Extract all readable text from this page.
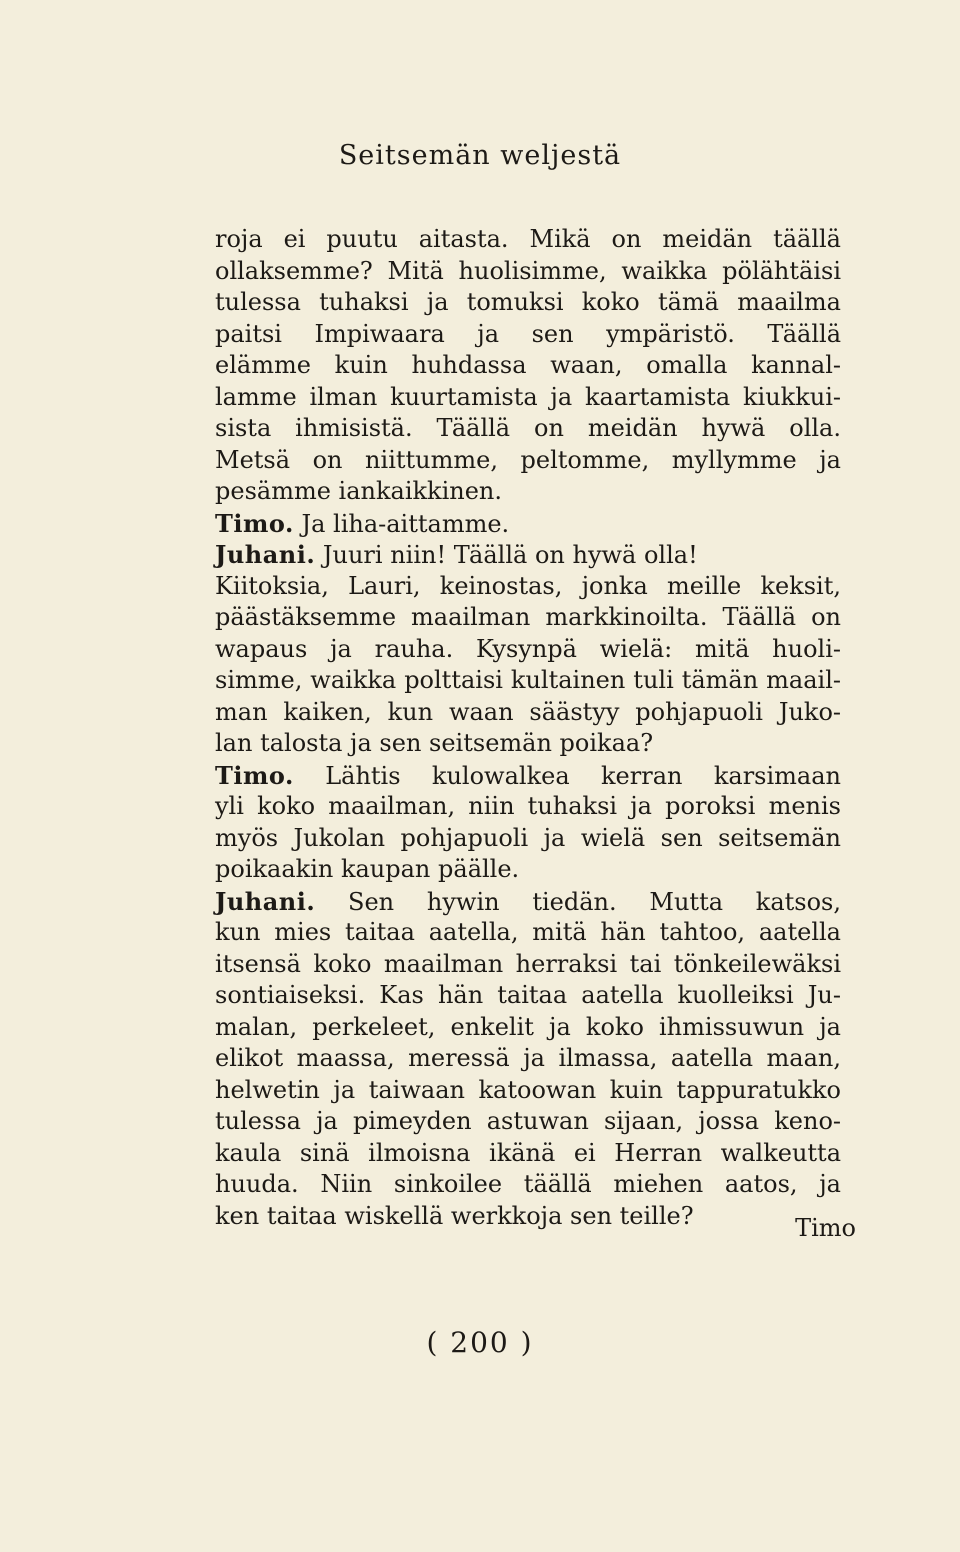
Seitsemän weljestä
roja ei puutu aitasta. Mikä on meidän täällä
ollaksemme? Mitä huolisimme, waikka pölähtäisi
tulessa tuhaksi ja tomuksi koko tämä maailma
paitsi Impiwaara ja sen ympäristö. Täällä
elämme kuin huhdassa waan, omalla kannal-
lamme ilman kuurtamista ja kaartamista kiukkui-
sista ihmisistä. Täällä on meidän hywä olla.
Metsä on niittumme, peltomme, myllymme ja
pesämme iankaikkinen.
Timo. Ja liha-aittamme.
Juhani. Juuri niin! Täällä on hywä olla!
Kiitoksia, Lauri, keinostas, jonka meille keksit,
päästäksemme maailman markkinoilta. Täällä on
wapaus ja rauha. Kysynpä wielä: mitä huoli-
simme, waikka polttaisi kultainen tuli tämän maail-
man kaiken, kun waan säästyy pohjapuoli Juko-
lan talosta ja sen seitsemän poikaa?
Timo. Lähtis kulowalkea kerran karsimaan
yli koko maailman, niin tuhaksi ja poroksi menis
myös Jukolan pohjapuoli ja wielä sen seitsemän
poikaakin kaupan päälle.
Juhani. Sen hywin tiedän. Mutta katsos,
kun mies taitaa aatella, mitä hän tahtoo, aatella
itsensä koko maailman herraksi tai tönkeilewäksi
sontiaiseksi. Kas hän taitaa aatella kuolleiksi Ju-
malan, perkeleet, enkelit ja koko ihmissuwun ja
elikot maassa, meressä ja ilmassa, aatella maan,
helwetin ja taiwaan katoowan kuin tappuratukko
tulessa ja pimeyden astuwan sijaan, jossa keno-
kaula sinä ilmoisna ikänä ei Herran walkeutta
huuda. Niin sinkoilee täällä miehen aatos, ja
ken taitaa wiskellä werkkoja sen teille?	Timo
( 200 )
